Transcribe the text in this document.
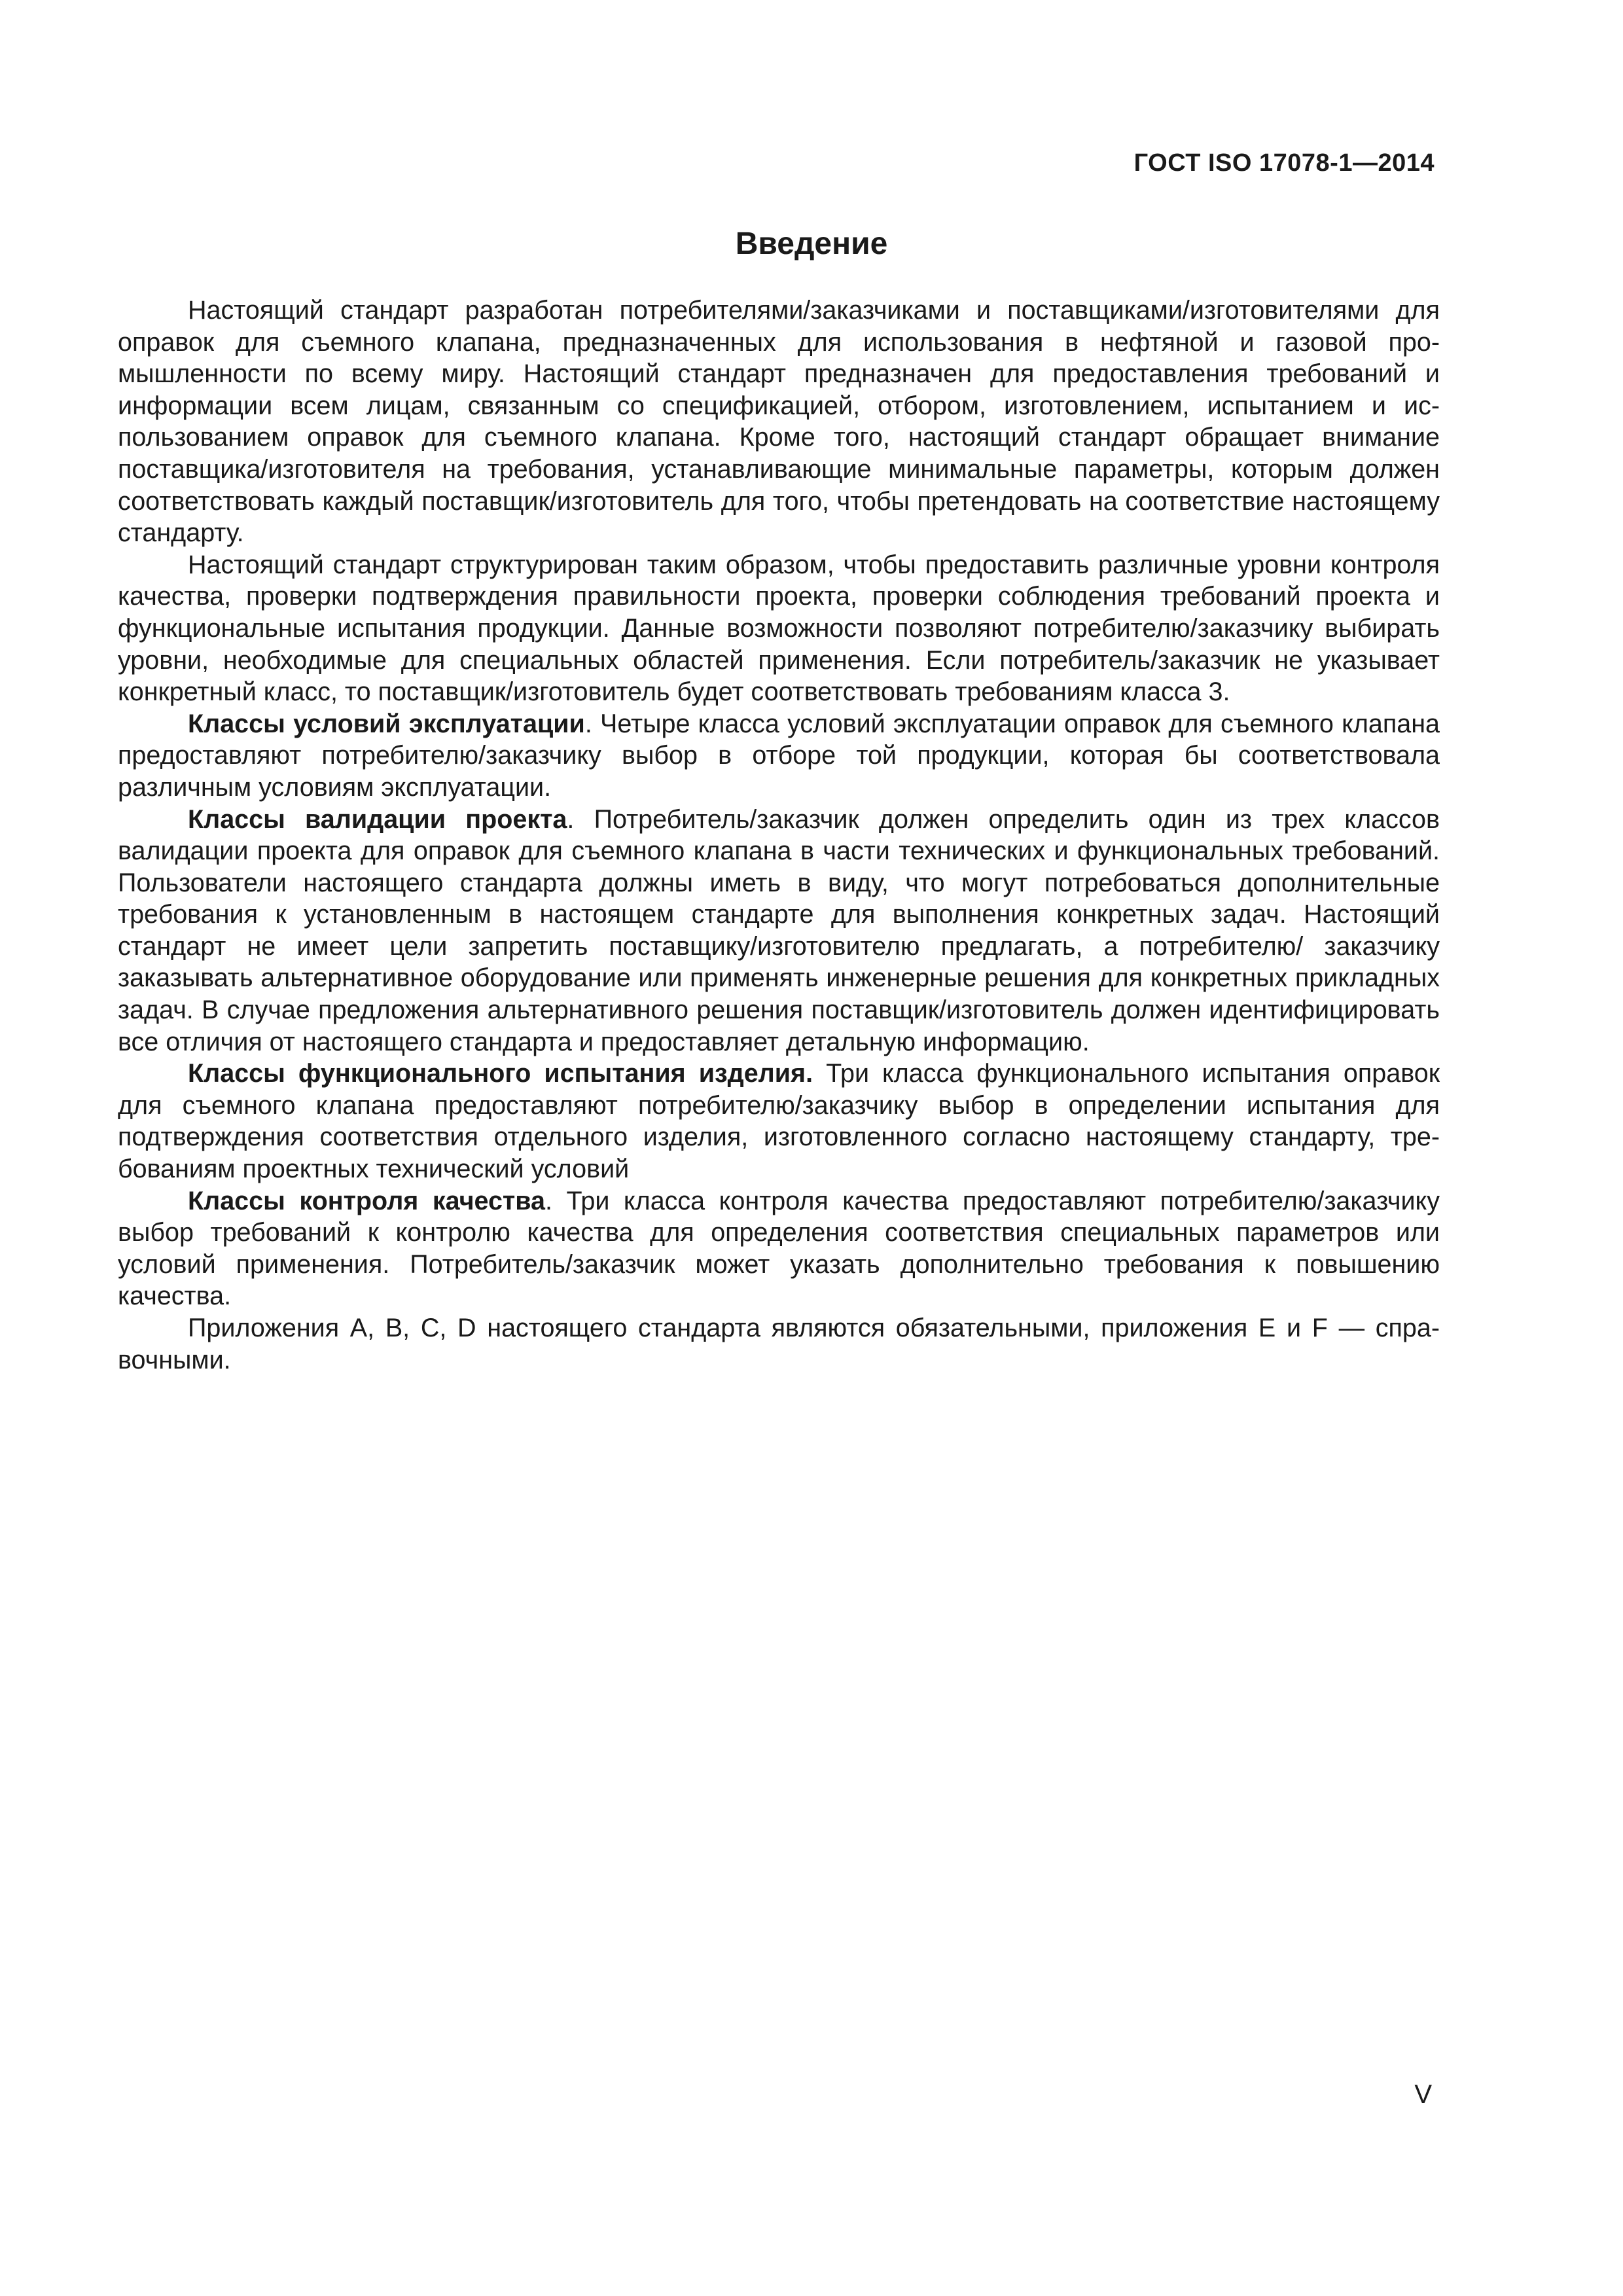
ГОСТ ISO 17078-1—2014
Введение

Настоящий стандарт разработан потребителями/заказчиками и поставщиками/изготовителями для оправок для съемного клапана, предназначенных для использования в нефтяной и газовой промышленности по всему миру. Настоящий стандарт предназначен для предоставления требований и информации всем лицам, связанным со спецификацией, отбором, изготовлением, испытанием и использованием оправок для съемного клапана. Кроме того, настоящий стандарт обращает внимание поставщика/изготовителя на требования, устанавливающие минимальные параметры, которым должен соответствовать каждый поставщик/изготовитель для того, чтобы претендовать на соответствие настоящему стандарту.

Настоящий стандарт структурирован таким образом, чтобы предоставить различные уровни контроля качества, проверки подтверждения правильности проекта, проверки соблюдения требований проекта и функциональные испытания продукции. Данные возможности позволяют потребителю/заказчику выбирать уровни, необходимые для специальных областей применения. Если потребитель/заказчик не указывает конкретный класс, то поставщик/изготовитель будет соответствовать требованиям класса 3.

Классы условий эксплуатации. Четыре класса условий эксплуатации оправок для съемного клапана предоставляют потребителю/заказчику выбор в отборе той продукции, которая бы соответствовала различным условиям эксплуатации.

Классы валидации проекта. Потребитель/заказчик должен определить один из трех классов валидации проекта для оправок для съемного клапана в части технических и функциональных требований. Пользователи настоящего стандарта должны иметь в виду, что могут потребоваться дополнительные требования к установленным в настоящем стандарте для выполнения конкретных задач. Настоящий стандарт не имеет цели запретить поставщику/изготовителю предлагать, а потребителю/ заказчику заказывать альтернативное оборудование или применять инженерные решения для конкретных прикладных задач. В случае предложения альтернативного решения поставщик/изготовитель должен идентифицировать все отличия от настоящего стандарта и предоставляет детальную информацию.

Классы функционального испытания изделия. Три класса функционального испытания оправок для съемного клапана предоставляют потребителю/заказчику выбор в определении испытания для подтверждения соответствия отдельного изделия, изготовленного согласно настоящему стандарту, требованиям проектных технический условий

Классы контроля качества. Три класса контроля качества предоставляют потребителю/заказчику выбор требований к контролю качества для определения соответствия специальных параметров или условий применения. Потребитель/заказчик может указать дополнительно требования к повышению качества.

Приложения А, В, С, D настоящего стандарта являются обязательными, приложения Е и F — справочными.

V
